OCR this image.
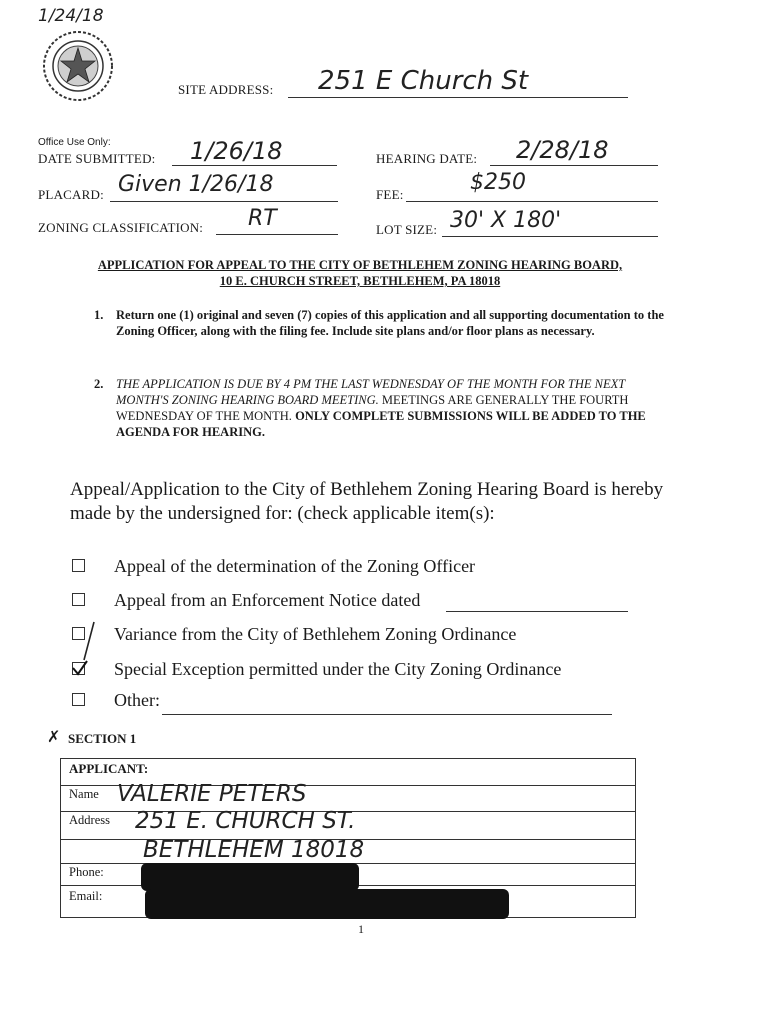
1/24/18
SITE ADDRESS: 251 E Church St
Office Use Only:
DATE SUBMITTED: 1/26/18	HEARING DATE: 2/28/18
PLACARD: Given 1/26/18	FEE:	$250
ZONING CLASSIFICATION: RT	LOT SIZE: 30' X 180'
APPLICATION FOR APPEAL TO THE CITY OF BETHLEHEM ZONING HEARING BOARD,
10 E. CHURCH STREET, BETHLEHEM, PA 18018
1. Return one (1) original and seven (7) copies of this application and all supporting documentation to the Zoning Officer, along with the filing fee. Include site plans and/or floor plans as necessary.
2. THE APPLICATION IS DUE BY 4 PM THE LAST WEDNESDAY OF THE MONTH FOR THE NEXT MONTH'S ZONING HEARING BOARD MEETING. MEETINGS ARE GENERALLY THE FOURTH WEDNESDAY OF THE MONTH. ONLY COMPLETE SUBMISSIONS WILL BE ADDED TO THE AGENDA FOR HEARING.
Appeal/Application to the City of Bethlehem Zoning Hearing Board is hereby made by the undersigned for: (check applicable item(s):
Appeal of the determination of the Zoning Officer
Appeal from an Enforcement Notice dated
Variance from the City of Bethlehem Zoning Ordinance
Special Exception permitted under the City Zoning Ordinance
Other:
✗ SECTION 1
APPLICANT:
Name VALERIE PETERS
Address 251 E. CHURCH ST.
BETHLEHEM 18018
Phone:
Email:
1
